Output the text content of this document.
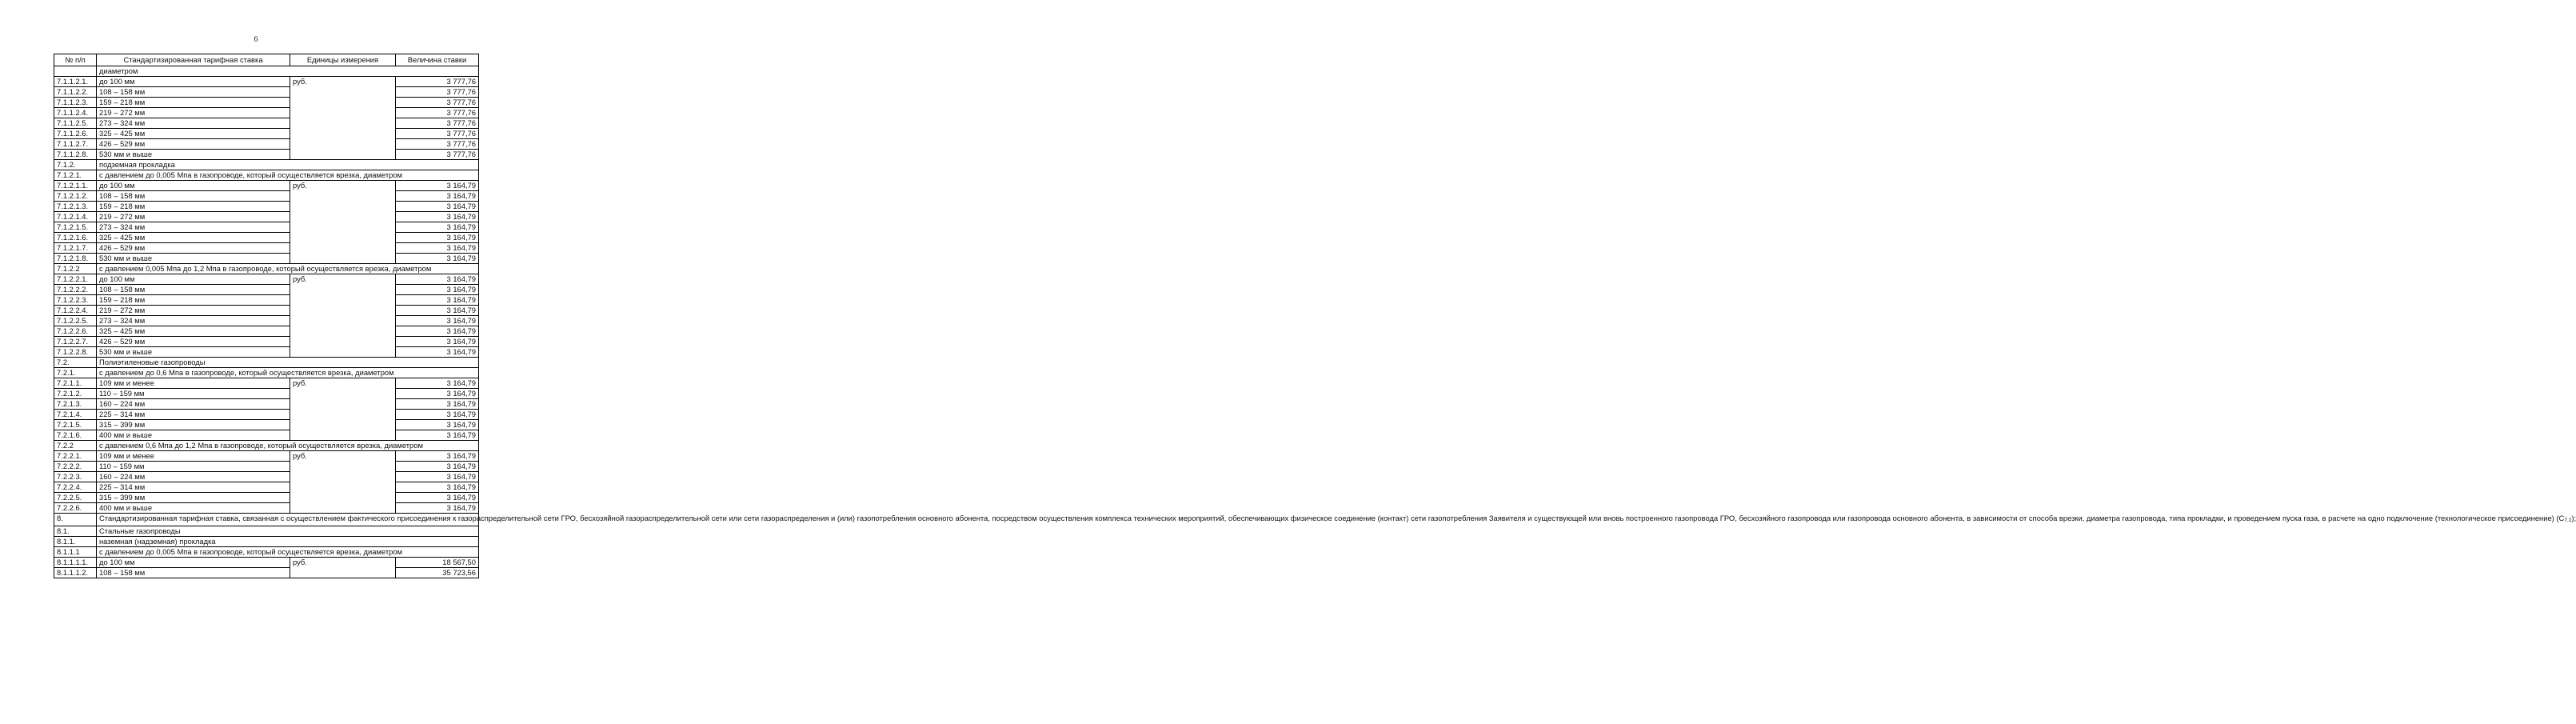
6
№ п/п	Стандартизированная тарифная ставка	Единицы измерения	Величина ставки
	диаметром		
7.1.1.2.1.	до 100 мм	руб.	3 777,76
7.1.1.2.2.	108 – 158 мм		3 777,76
7.1.1.2.3.	159 – 218 мм		3 777,76
7.1.1.2.4.	219 – 272 мм		3 777,76
7.1.1.2.5.	273 – 324 мм		3 777,76
7.1.1.2.6.	325 – 425 мм		3 777,76
7.1.1.2.7.	426 – 529 мм		3 777,76
7.1.1.2.8.	530 мм и выше		3 777,76
7.1.2.	подземная прокладка		
7.1.2.1.	с давлением до 0,005 Мпа в газопроводе, который осуществляется врезка, диаметром		
7.1.2.1.1.	до 100 мм	руб.	3 164,79
7.1.2.1.2.	108 – 158 мм		3 164,79
7.1.2.1.3.	159 – 218 мм		3 164,79
7.1.2.1.4.	219 – 272 мм		3 164,79
7.1.2.1.5.	273 – 324 мм		3 164,79
7.1.2.1.6.	325 – 425 мм		3 164,79
7.1.2.1.7.	426 – 529 мм		3 164,79
7.1.2.1.8.	530 мм и выше		3 164,79
7.1.2.2	с давлением 0,005 Мпа до 1,2 Мпа в газопроводе, который осуществляется врезка, диаметром		
7.1.2.2.1.	до 100 мм	руб.	3 164,79
7.1.2.2.2.	108 – 158 мм		3 164,79
7.1.2.2.3.	159 – 218 мм		3 164,79
7.1.2.2.4.	219 – 272 мм		3 164,79
7.1.2.2.5.	273 – 324 мм		3 164,79
7.1.2.2.6.	325 – 425 мм		3 164,79
7.1.2.2.7.	426 – 529 мм		3 164,79
7.1.2.2.8.	530 мм и выше		3 164,79
7.2.	Полиэтиленовые газопроводы		
7.2.1.	с давлением до 0,6 Мпа в газопроводе, который осуществляется врезка, диаметром		
7.2.1.1.	109 мм и менее	руб.	3 164,79
7.2.1.2.	110 – 159 мм		3 164,79
7.2.1.3.	160 – 224 мм		3 164,79
7.2.1.4.	225 – 314 мм		3 164,79
7.2.1.5.	315 – 399 мм		3 164,79
7.2.1.6.	400 мм и выше		3 164,79
7.2.2	с давлением 0,6 Мпа до 1,2 Мпа в газопроводе, который осуществляется врезка, диаметром		
7.2.2.1.	109 мм и менее	руб.	3 164,79
7.2.2.2.	110 – 159 мм		3 164,79
7.2.2.3.	160 – 224 мм		3 164,79
7.2.2.4.	225 – 314 мм		3 164,79
7.2.2.5.	315 – 399 мм		3 164,79
7.2.2.6.	400 мм и выше		3 164,79
8.	Стандартизированная тарифная ставка, связанная с осуществлением фактического присоединения к газораспределительной сети ГРО, бесхозяйной газораспределительной сети или сети газораспределения и (или) газопотребления основного абонента, посредством осуществления комплекса технических мероприятий, обеспечивающих физическое соединение (контакт) сети газопотребления Заявителя и существующей или вновь построенного газопровода ГРО, бесхозяйного газопровода или газопровода основного абонента, в зависимости от способа врезки, диаметра газопровода, типа прокладки, и проведением пуска газа, в расчете на одно подключение (технологическое присоединение) (С7.2);		
8.1.	Стальные газопроводы		
8.1.1.	наземная (надземная) прокладка		
8.1.1.1	с давлением до 0,005 Мпа в газопроводе, который осуществляется врезка, диаметром		
8.1.1.1.1.	до 100 мм	руб.	18 567,50
8.1.1.1.2.	108 – 158 мм		35 723,56
